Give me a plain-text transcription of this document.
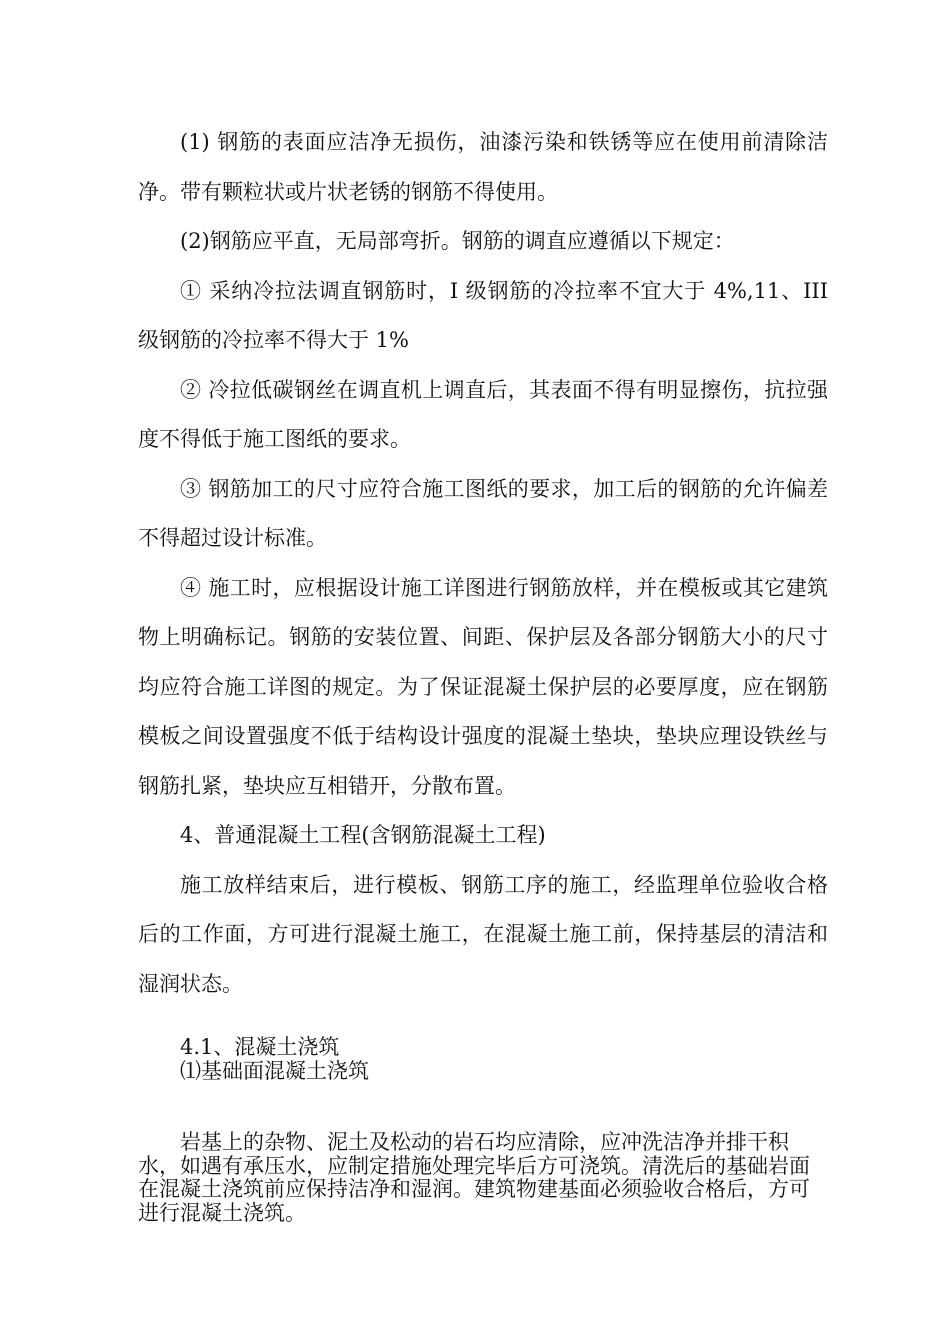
(1) 钢筋的表面应洁净无损伤，油漆污染和铁锈等应在使用前清除洁净。带有颗粒状或片状老锈的钢筋不得使用。

(2)钢筋应平直，无局部弯折。钢筋的调直应遵循以下规定：

① 采纳冷拉法调直钢筋时，I 级钢筋的冷拉率不宜大于 4%,11、III 级钢筋的冷拉率不得大于 1%

② 冷拉低碳钢丝在调直机上调直后，其表面不得有明显擦伤，抗拉强度不得低于施工图纸的要求。

③ 钢筋加工的尺寸应符合施工图纸的要求，加工后的钢筋的允许偏差不得超过设计标准。

④ 施工时，应根据设计施工详图进行钢筋放样，并在模板或其它建筑物上明确标记。钢筋的安装位置、间距、保护层及各部分钢筋大小的尺寸均应符合施工详图的规定。为了保证混凝土保护层的必要厚度，应在钢筋模板之间设置强度不低于结构设计强度的混凝土垫块，垫块应理设铁丝与钢筋扎紧，垫块应互相错开，分散布置。

4、普通混凝土工程(含钢筋混凝土工程)

施工放样结束后，进行模板、钢筋工序的施工，经监理单位验收合格后的工作面，方可进行混凝土施工，在混凝土施工前，保持基层的清洁和湿润状态。

4.1、混凝土浇筑

⑴基础面混凝土浇筑

岩基上的杂物、泥土及松动的岩石均应清除，应冲洗洁净并排干积水，如遇有承压水，应制定措施处理完毕后方可浇筑。清洗后的基础岩面在混凝土浇筑前应保持洁净和湿润。建筑物建基面必须验收合格后，方可进行混凝土浇筑。
